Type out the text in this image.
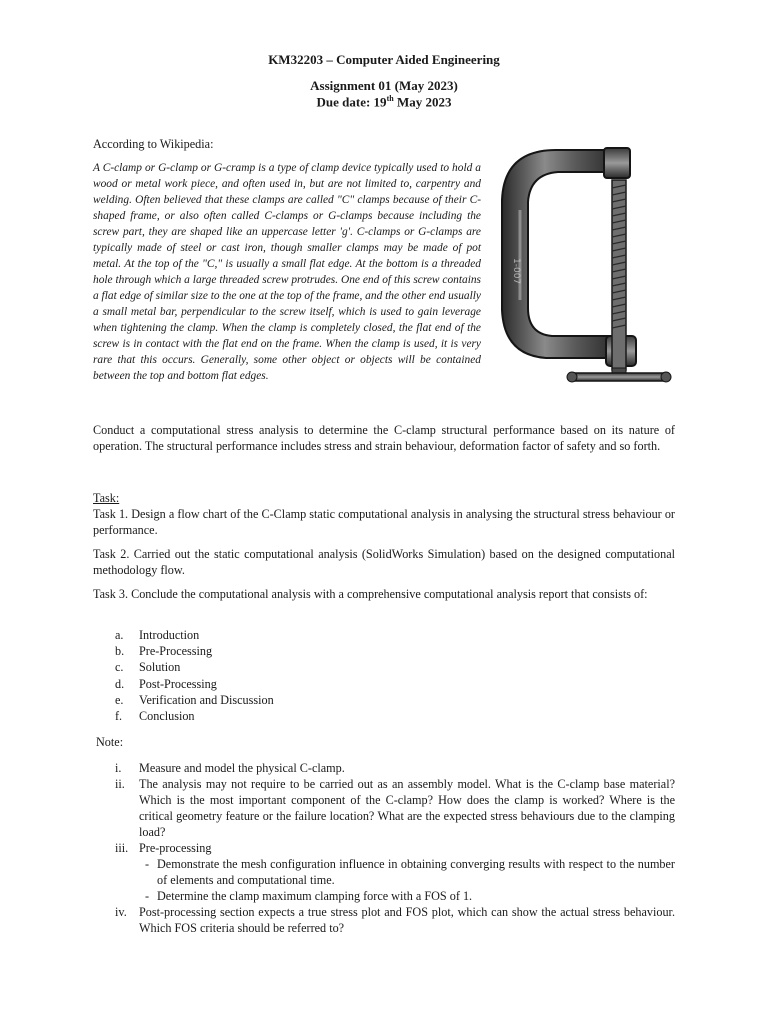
KM32203 – Computer Aided Engineering
Assignment 01 (May 2023)
Due date: 19th May 2023

According to Wikipedia:

A C-clamp or G-clamp or G-cramp is a type of clamp device typically used to hold a wood or metal work piece, and often used in, but are not limited to, carpentry and welding. Often believed that these clamps are called "C" clamps because of their C-shaped frame, or also often called C-clamps or G-clamps because including the screw part, they are shaped like an uppercase letter 'g'. C-clamps or G-clamps are typically made of steel or cast iron, though smaller clamps may be made of pot metal. At the top of the "C," is usually a small flat edge. At the bottom is a threaded hole through which a large threaded screw protrudes. One end of this screw contains a flat edge of similar size to the one at the top of the frame, and the other end usually a small metal bar, perpendicular to the screw itself, which is used to gain leverage when tightening the clamp. When the clamp is completely closed, the flat end of the screw is in contact with the flat end on the frame. When the clamp is used, it is very rare that this occurs. Generally, some other object or objects will be contained between the top and bottom flat edges.

1-007

Conduct a computational stress analysis to determine the C-clamp structural performance based on its nature of operation. The structural performance includes stress and strain behaviour, deformation factor of safety and so forth.

Task:

Task 1. Design a flow chart of the C-Clamp static computational analysis in analysing the structural stress behaviour or performance.

Task 2. Carried out the static computational analysis (SolidWorks Simulation) based on the designed computational methodology flow.

Task 3. Conclude the computational analysis with a comprehensive computational analysis report that consists of:

a. Introduction
b. Pre-Processing
c. Solution
d. Post-Processing
e. Verification and Discussion
f. Conclusion

Note:

i. Measure and model the physical C-clamp.
ii. The analysis may not require to be carried out as an assembly model. What is the C-clamp base material? Which is the most important component of the C-clamp? How does the clamp is worked? Where is the critical geometry feature or the failure location? What are the expected stress behaviours due to the clamping load?
iii. Pre-processing
- Demonstrate the mesh configuration influence in obtaining converging results with respect to the number of elements and computational time.
- Determine the clamp maximum clamping force with a FOS of 1.
iv. Post-processing section expects a true stress plot and FOS plot, which can show the actual stress behaviour. Which FOS criteria should be referred to?
